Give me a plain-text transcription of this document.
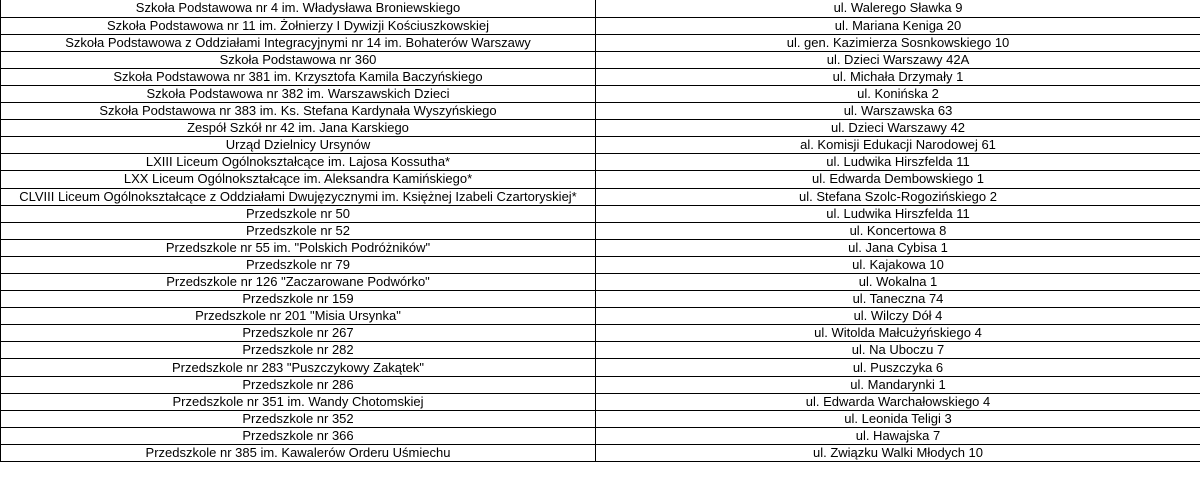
Szkoła Podstawowa nr 4 im. Władysława Broniewskiego	ul. Walerego Sławka 9
Szkoła Podstawowa nr 11 im. Żołnierzy I Dywizji Kościuszkowskiej	ul. Mariana Keniga 20
Szkoła Podstawowa z Oddziałami Integracyjnymi nr 14 im. Bohaterów Warszawy	ul. gen. Kazimierza Sosnkowskiego 10
Szkoła Podstawowa nr 360	ul. Dzieci Warszawy 42A
Szkoła Podstawowa nr 381 im. Krzysztofa Kamila Baczyńskiego	ul. Michała Drzymały 1
Szkoła Podstawowa nr 382 im. Warszawskich Dzieci	ul. Konińska 2
Szkoła Podstawowa nr 383 im. Ks. Stefana Kardynała Wyszyńskiego	ul. Warszawska 63
Zespół Szkół nr 42 im. Jana Karskiego	ul. Dzieci Warszawy 42
Urząd Dzielnicy Ursynów	al. Komisji Edukacji Narodowej 61
LXIII Liceum Ogólnokształcące im. Lajosa Kossutha*	ul. Ludwika Hirszfelda 11
LXX Liceum Ogólnokształcące im. Aleksandra Kamińskiego*	ul. Edwarda Dembowskiego 1
CLVIII Liceum Ogólnokształcące z Oddziałami Dwujęzycznymi im. Księżnej Izabeli Czartoryskiej*	ul. Stefana Szolc-Rogozińskiego 2
Przedszkole nr 50	ul. Ludwika Hirszfelda 11
Przedszkole nr 52	ul. Koncertowa 8
Przedszkole nr 55 im. "Polskich Podróżników"	ul. Jana Cybisa 1
Przedszkole nr 79	ul. Kajakowa 10
Przedszkole nr 126 "Zaczarowane Podwórko"	ul. Wokalna 1
Przedszkole nr 159	ul. Taneczna 74
Przedszkole nr 201 "Misia Ursynka"	ul. Wilczy Dół 4
Przedszkole nr 267	ul. Witolda Małcużyńskiego 4
Przedszkole nr 282	ul. Na Uboczu 7
Przedszkole nr 283 "Puszczykowy Zakątek"	ul. Puszczyka 6
Przedszkole nr 286	ul. Mandarynki 1
Przedszkole nr 351 im. Wandy Chotomskiej	ul. Edwarda Warchałowskiego 4
Przedszkole nr 352	ul. Leonida Teligi 3
Przedszkole nr 366	ul. Hawajska 7
Przedszkole nr 385 im. Kawalerów Orderu Uśmiechu	ul. Związku Walki Młodych 10
